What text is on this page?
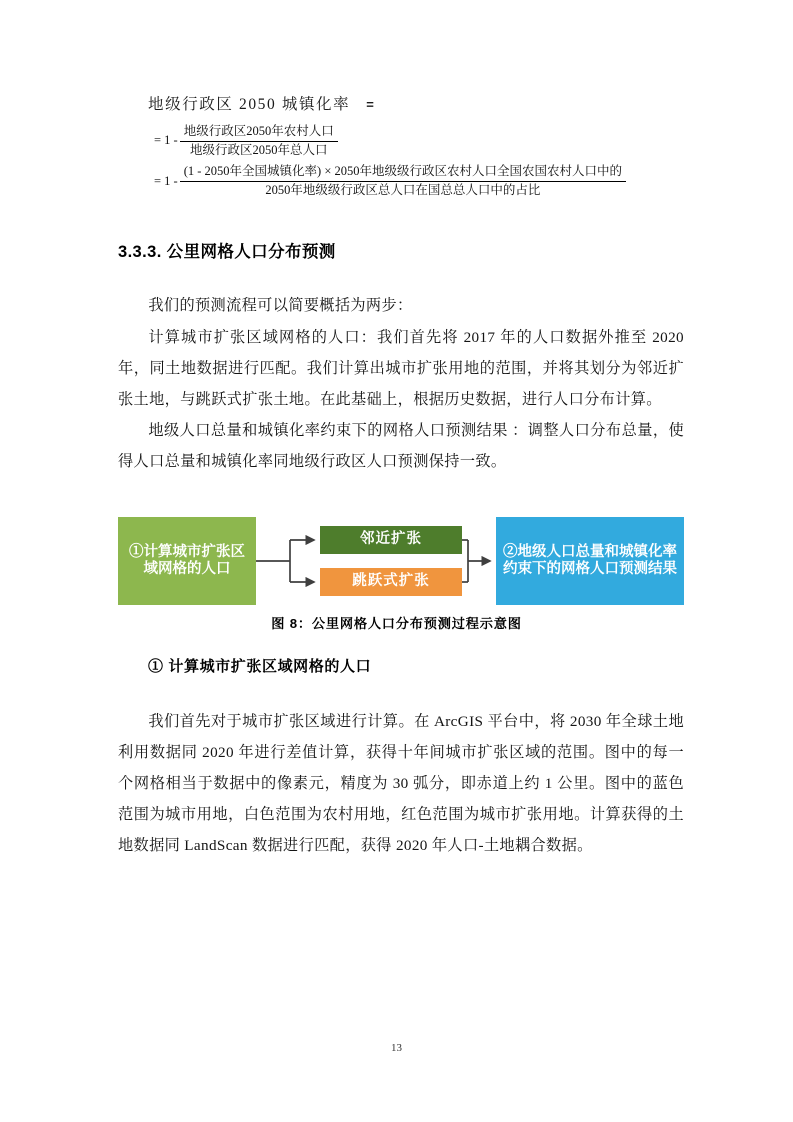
地级行政区 2050 城镇化率 =
= $1 - \frac{\text{地级行政区2050年农村人口}}{\text{地级行政区2050年总人口}}$
= $1 - \frac{\text{(1 - 2050年全国城镇化率) × 2050年地级级行政区农村人口全国农国农村人口中的}}{\text{2050年地级级行政区总人口在国总总人口中的占比}}$
3.3.3. 公里网格人口分布预测

我们的预测流程可以简要概括为两步：

计算城市扩张区域网格的人口：我们首先将 2017 年的人口数据外推至 2020 年，同土地数据进行匹配。我们计算出城市扩张用地的范围，并将其划分为邻近扩张土地，与跳跃式扩张土地。在此基础上，根据历史数据，进行人口分布计算。

地级人口总量和城镇化率约束下的网格人口预测结果 ：调整人口分布总量，使得人口总量和城镇化率同地级行政区人口预测保持一致。

①计算城市扩张区域网格的人口
邻近扩张
跳跃式扩张
②地级人口总量和城镇化率约束下的网格人口预测结果
图 8：公里网格人口分布预测过程示意图
① 计算城市扩张区域网格的人口

我们首先对于城市扩张区域进行计算。在 ArcGIS 平台中，将 2030 年全球土地利用数据同 2020 年进行差值计算，获得十年间城市扩张区域的范围。图中的每一个网格相当于数据中的像素元，精度为 30 弧分，即赤道上约 1 公里。图中的蓝色范围为城市用地，白色范围为农村用地，红色范围为城市扩张用地。计算获得的土地数据同 LandScan 数据进行匹配，获得 2020 年人口-土地耦合数据。

13
